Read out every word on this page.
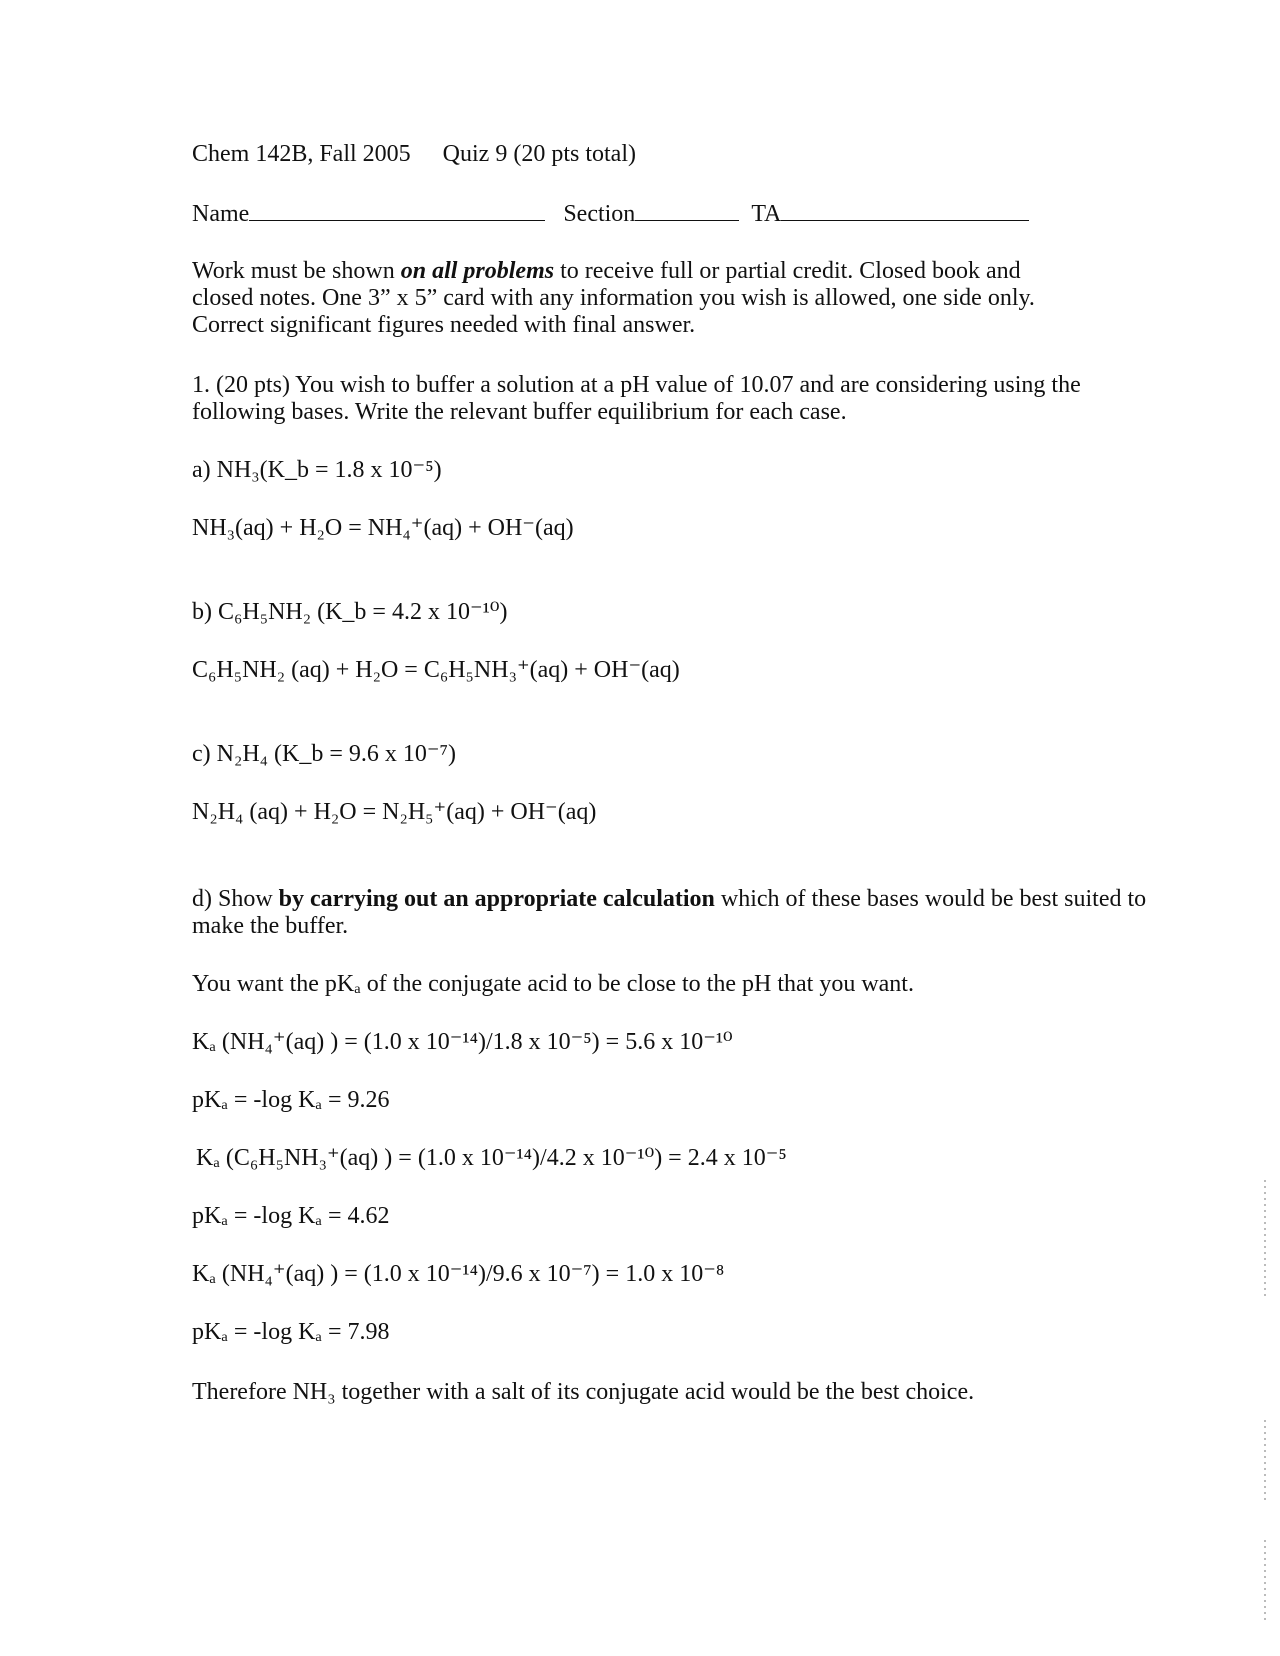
Chem 142B, Fall 2005 Quiz 9 (20 pts total)
Name	Section	TA
Work must be shown on all problems to receive full or partial credit. Closed book and closed notes. One 3” x 5” card with any information you wish is allowed, one side only. Correct significant figures needed with final answer.
1. (20 pts) You wish to buffer a solution at a pH value of 10.07 and are considering using the following bases. Write the relevant buffer equilibrium for each case.
a) NH₃(K_b = 1.8 x 10⁻⁵)
NH₃(aq) + H₂O = NH₄⁺(aq) + OH⁻(aq)
b) C₆H₅NH₂ (K_b = 4.2 x 10⁻¹⁰)
C₆H₅NH₂ (aq) + H₂O = C₆H₅NH₃⁺(aq) + OH⁻(aq)
c) N₂H₄ (K_b = 9.6 x 10⁻⁷)
N₂H₄ (aq) + H₂O = N₂H₅⁺(aq) + OH⁻(aq)
d) Show by carrying out an appropriate calculation which of these bases would be best suited to make the buffer.
You want the pKₐ of the conjugate acid to be close to the pH that you want.
Kₐ (NH₄⁺(aq) ) = (1.0 x 10⁻¹⁴)/1.8 x 10⁻⁵) = 5.6 x 10⁻¹⁰
pKₐ = -log Kₐ = 9.26
Kₐ (C₆H₅NH₃⁺(aq) ) = (1.0 x 10⁻¹⁴)/4.2 x 10⁻¹⁰) = 2.4 x 10⁻⁵
pKₐ = -log Kₐ = 4.62
Kₐ (NH₄⁺(aq) ) = (1.0 x 10⁻¹⁴)/9.6 x 10⁻⁷) = 1.0 x 10⁻⁸
pKₐ = -log Kₐ = 7.98
Therefore NH₃ together with a salt of its conjugate acid would be the best choice.
